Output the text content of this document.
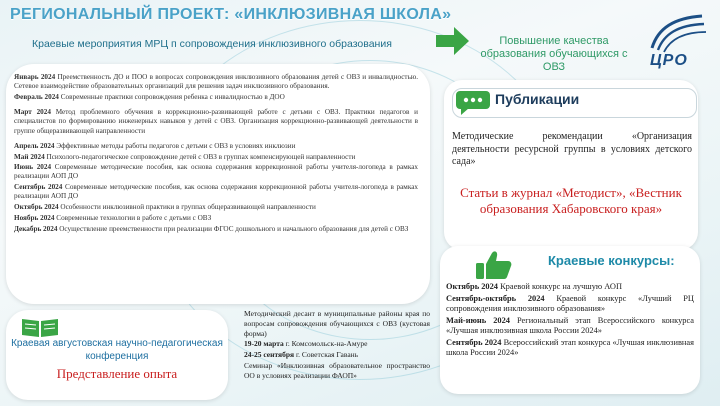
РЕГИОНАЛЬНЫЙ ПРОЕКТ: «ИНКЛЮЗИВНАЯ ШКОЛА»
Краевые мероприятия МРЦ п сопровождения инклюзивного образования	Повышение качества образования обучающихся с ОВЗ	ЦРО

Январь 2024 Преемственность ДО и ПОО в вопросах сопровождения инклюзивного образования детей с ОВЗ и инвалидностью. Сетевое взаимодействие образовательных организаций для решения задач инклюзивного образования.

Февраль 2024 Современные практики сопровождения ребенка с инвалидностью в ДОО

Март 2024 Метод проблемного обучения в коррекционно-развивающей работе с детьми с ОВЗ. Практики педагогов и специалистов по формированию инженерных навыков у детей с ОВЗ. Организация коррекционно-развивающей деятельности в группе общеразвивающей направленности

Апрель 2024 Эффективные методы работы педагогов с детьми с ОВЗ в условиях инклюзии

Май 2024 Психолого-педагогическое сопровождение детей с ОВЗ в группах компенсирующей направленности

Июнь 2024 Современные методические пособия, как основа содержания коррекционной работы учителя-логопеда в рамках реализации АОП ДО

Сентябрь 2024 Современные методические пособия, как основа содержания коррекционной работы учителя-логопеда в рамках реализации АОП ДО

Октябрь 2024 Особенности инклюзивной практики в группах общеразвивающей направленности

Ноябрь 2024 Современные технологии в работе с детьми с ОВЗ

Декабрь 2024 Осуществление преемственности при реализации ФГОС дошкольного и начального образования для детей с ОВЗ

Публикации
Методические рекомендации «Организация деятельности ресурсной группы в условиях детского сада»
Статьи в журнал «Методист», «Вестник образования Хабаровского края»
Краевые конкурсы:

Октябрь 2024 Краевой конкурс на лучшую АОП

Сентябрь-октябрь 2024 Краевой конкурс «Лучший РЦ сопровождения инклюзивного образования»

Май-июнь 2024 Региональный этап Всероссийского конкурса «Лучшая инклюзивная школа России 2024»

Сентябрь 2024 Всероссийский этап конкурса «Лучшая инклюзивная школа России 2024»

Краевая августовская научно-педагогическая конференция
Представление опыта

Методический десант в муниципальные районы края по вопросам сопровождения обучающихся с ОВЗ (кустовая форма)

19-20 марта г. Комсомольск-на-Амуре

24-25 сентября г. Советская Гавань

Семинар «Инклюзивная образовательное пространство ОО в условиях реализации ФАОП»
